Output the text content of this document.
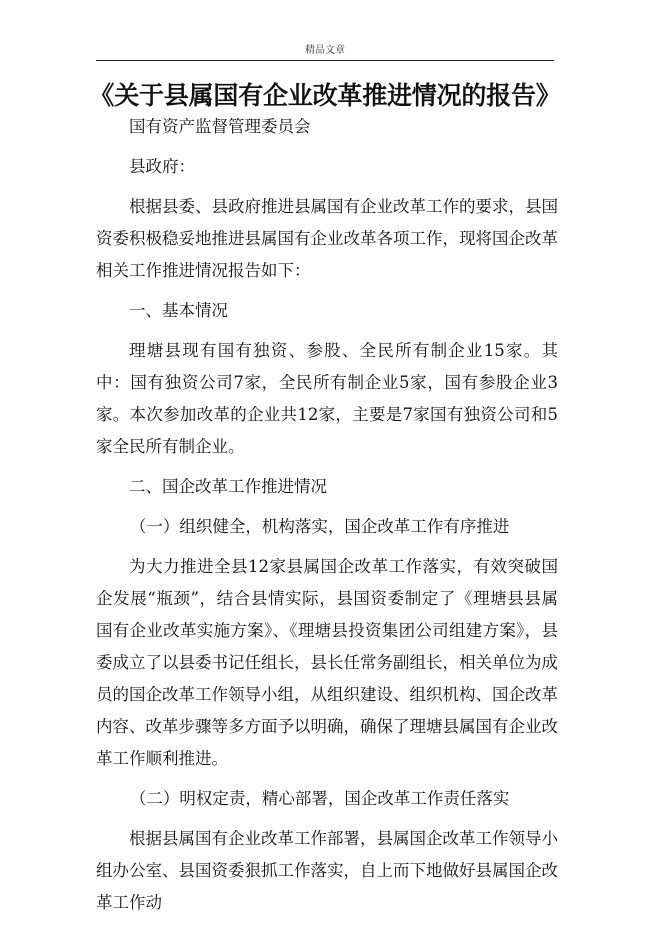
精品文章
《关于县属国有企业改革推进情况的报告》

国有资产监督管理委员会

县政府：

根据县委、县政府推进县属国有企业改革工作的要求，县国资委积极稳妥地推进县属国有企业改革各项工作，现将国企改革相关工作推进情况报告如下：

一、基本情况

理塘县现有国有独资、参股、全民所有制企业15家。其中：国有独资公司7家，全民所有制企业5家，国有参股企业3家。本次参加改革的企业共12家，主要是7家国有独资公司和5家全民所有制企业。

二、国企改革工作推进情况

（一）组织健全，机构落实，国企改革工作有序推进

为大力推进全县12家县属国企改革工作落实，有效突破国企发展“瓶颈”，结合县情实际，县国资委制定了《理塘县县属国有企业改革实施方案》、《理塘县投资集团公司组建方案》，县委成立了以县委书记任组长，县长任常务副组长，相关单位为成员的国企改革工作领导小组，从组织建设、组织机构、国企改革内容、改革步骤等多方面予以明确，确保了理塘县属国有企业改革工作顺利推进。

（二）明权定责，精心部署，国企改革工作责任落实

根据县属国有企业改革工作部署，县属国企改革工作领导小组办公室、县国资委狠抓工作落实，自上而下地做好县属国企改革工作动
